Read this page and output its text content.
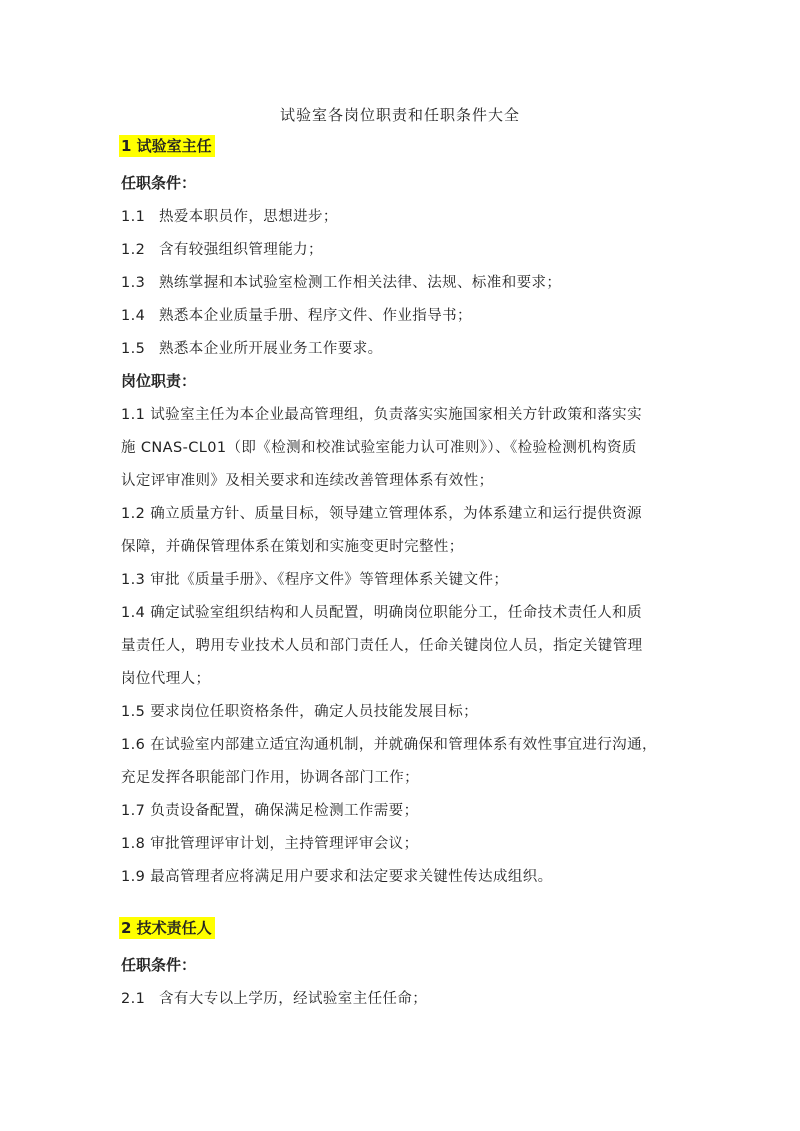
试验室各岗位职责和任职条件大全
1 试验室主任
任职条件：
1.1 热爱本职员作，思想进步；
1.2 含有较强组织管理能力；
1.3 熟练掌握和本试验室检测工作相关法律、法规、标准和要求；
1.4 熟悉本企业质量手册、程序文件、作业指导书；
1.5 熟悉本企业所开展业务工作要求。
岗位职责：
1.1 试验室主任为本企业最高管理组，负责落实实施国家相关方针政策和落实实
施 CNAS-CL01（即《检测和校准试验室能力认可准则》）、《检验检测机构资质
认定评审准则》及相关要求和连续改善管理体系有效性；
1.2 确立质量方针、质量目标，领导建立管理体系，为体系建立和运行提供资源
保障，并确保管理体系在策划和实施变更时完整性；
1.3 审批《质量手册》、《程序文件》等管理体系关键文件；
1.4 确定试验室组织结构和人员配置，明确岗位职能分工，任命技术责任人和质
量责任人，聘用专业技术人员和部门责任人，任命关键岗位人员，指定关键管理
岗位代理人；
1.5 要求岗位任职资格条件，确定人员技能发展目标；
1.6 在试验室内部建立适宜沟通机制，并就确保和管理体系有效性事宜进行沟通，
充足发挥各职能部门作用，协调各部门工作；
1.7 负责设备配置，确保满足检测工作需要；
1.8 审批管理评审计划，主持管理评审会议；
1.9 最高管理者应将满足用户要求和法定要求关键性传达成组织。
2 技术责任人
任职条件：
2.1 含有大专以上学历，经试验室主任任命；
